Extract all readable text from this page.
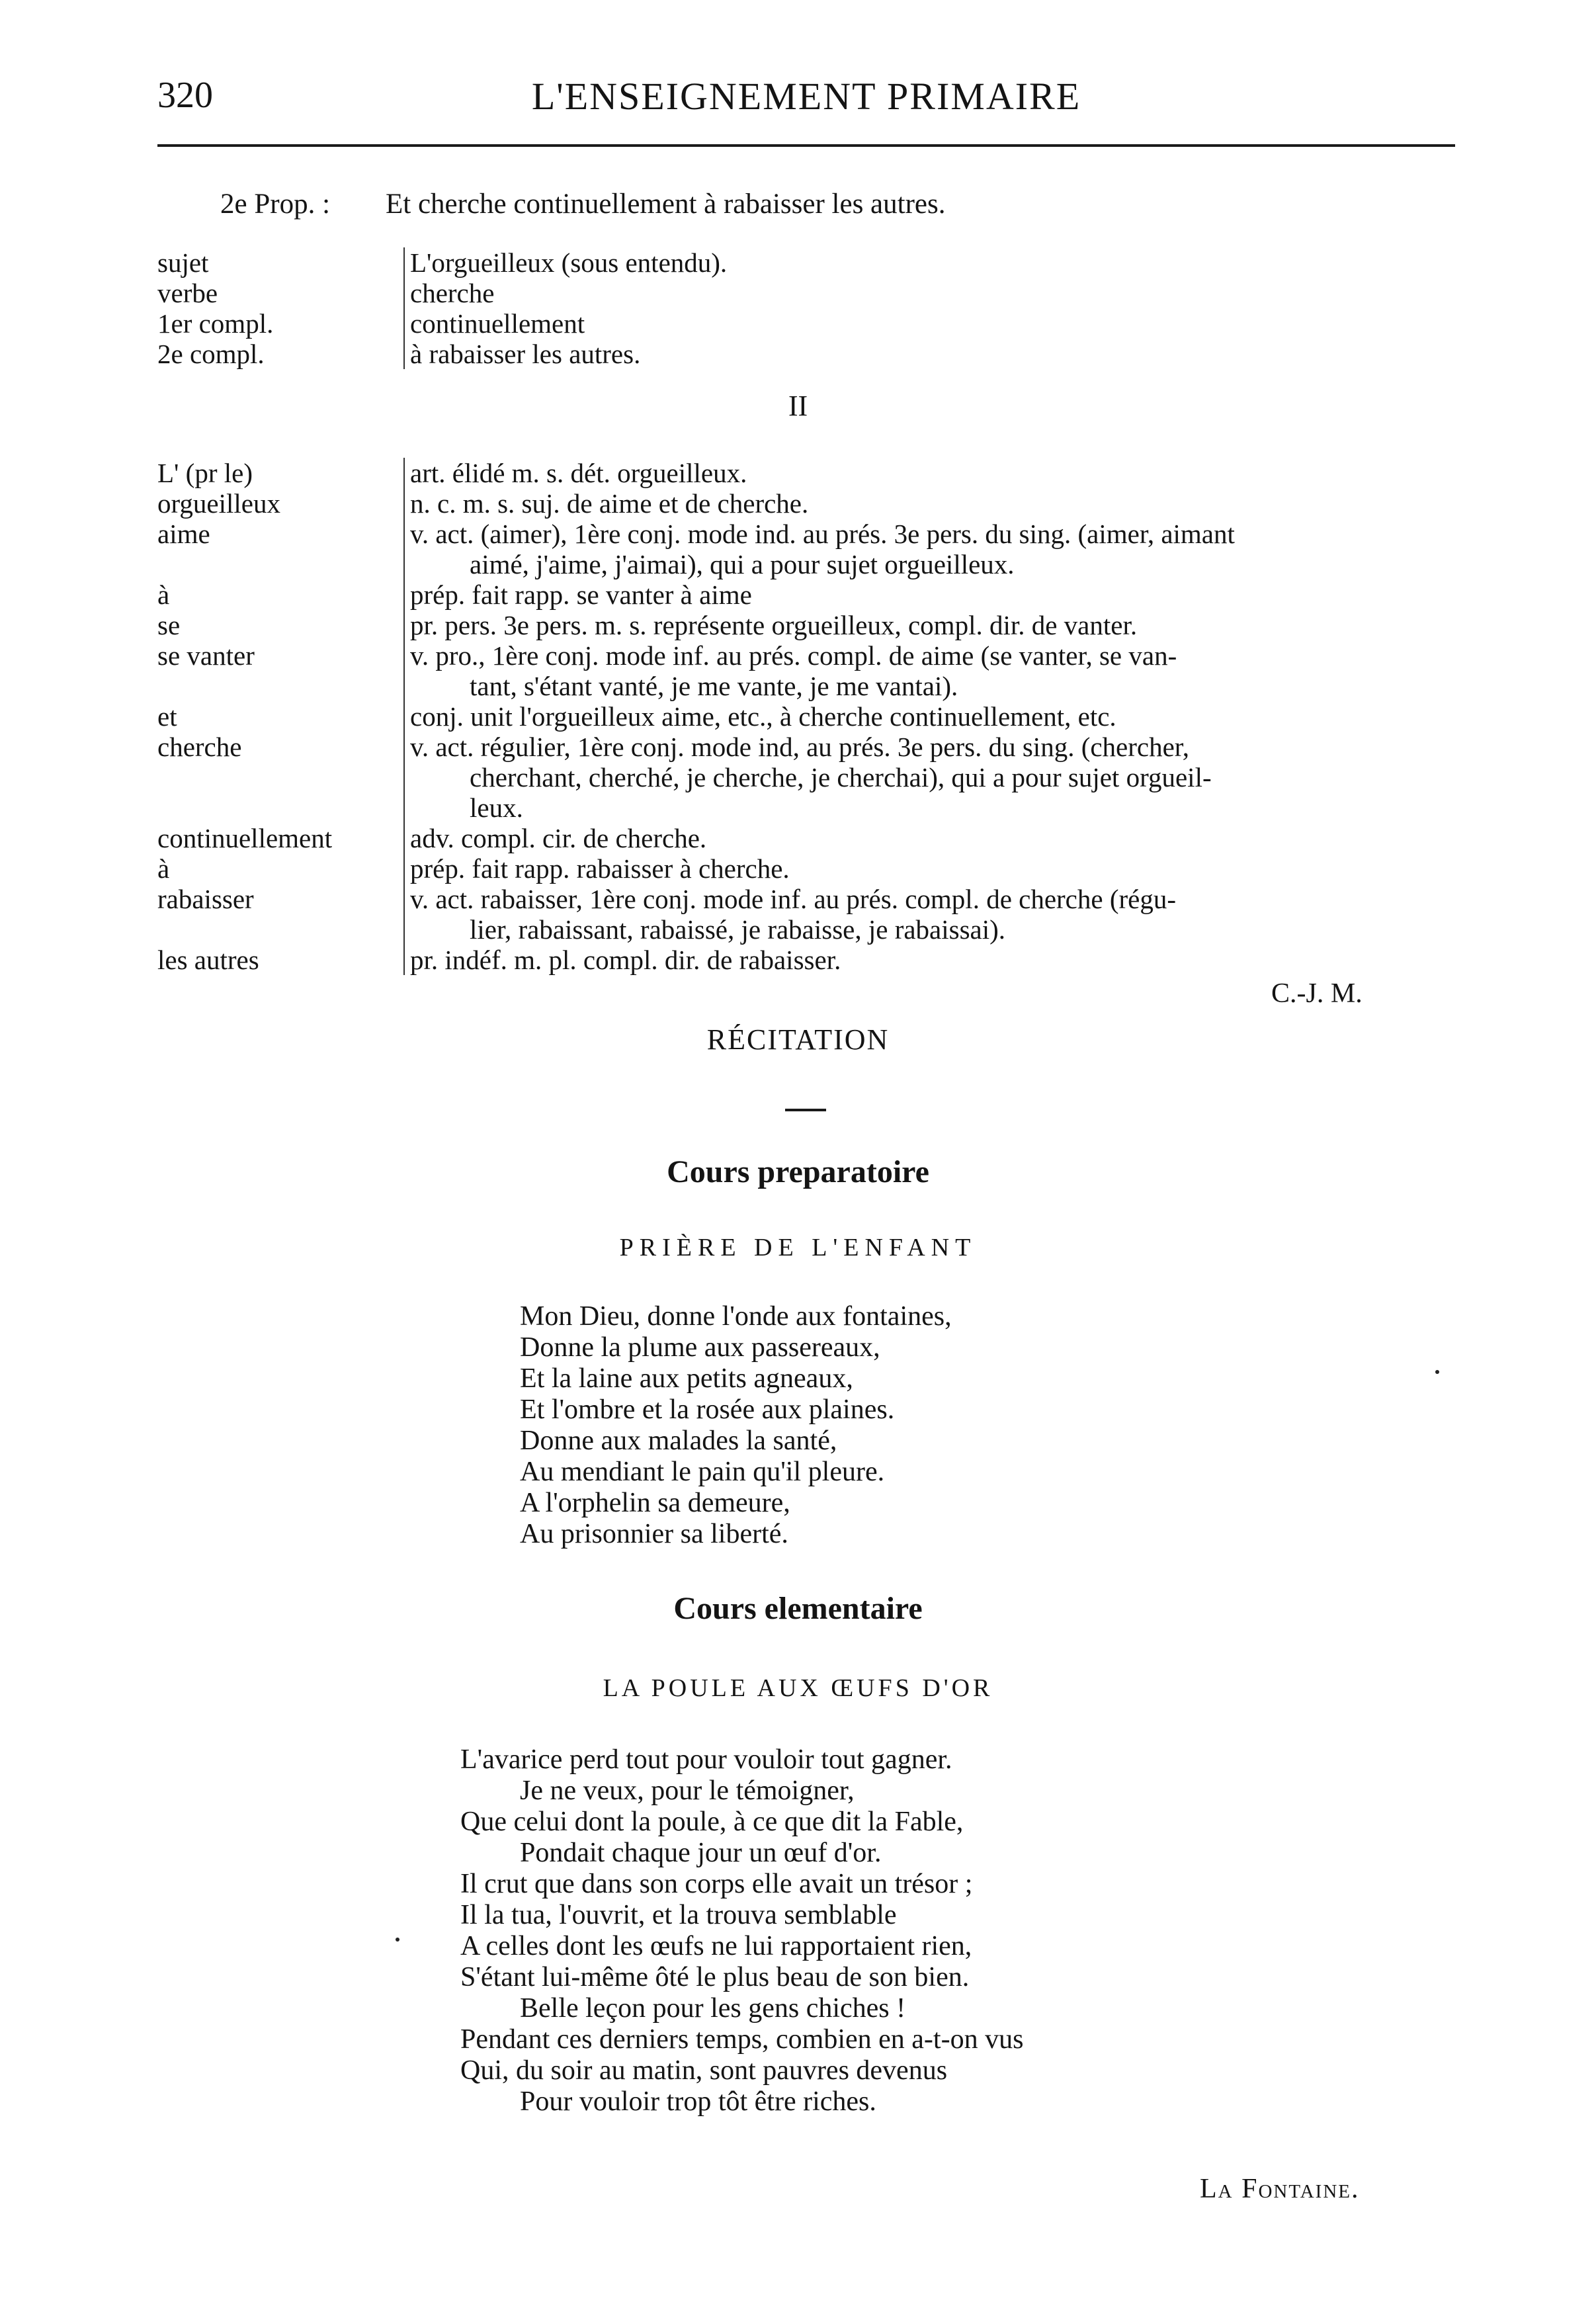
320	L'ENSEIGNEMENT PRIMAIRE
2e Prop. : Et cherche continuellement à rabaisser les autres.
sujet	L'orgueilleux (sous entendu).
verbe	cherche
1er compl.	continuellement
2e compl.	à rabaisser les autres.
II
L' (pr le)	art. élidé m. s. dét. orgueilleux.
orgueilleux	n. c. m. s. suj. de aime et de cherche.
aime	v. act. (aimer), 1ère conj. mode ind. au prés. 3e pers. du sing. (aimer, aimant
aimé, j'aime, j'aimai), qui a pour sujet orgueilleux.
à	prép. fait rapp. se vanter à aime
se	pr. pers. 3e pers. m. s. représente orgueilleux, compl. dir. de vanter.
se vanter	v. pro., 1ère conj. mode inf. au prés. compl. de aime (se vanter, se van-
tant, s'étant vanté, je me vante, je me vantai).
et	conj. unit l'orgueilleux aime, etc., à cherche continuellement, etc.
cherche	v. act. régulier, 1ère conj. mode ind, au prés. 3e pers. du sing. (chercher,
cherchant, cherché, je cherche, je cherchai), qui a pour sujet orgueil-
leux.
continuellement	adv. compl. cir. de cherche.
à	prép. fait rapp. rabaisser à cherche.
rabaisser	v. act. rabaisser, 1ère conj. mode inf. au prés. compl. de cherche (régu-
lier, rabaissant, rabaissé, je rabaisse, je rabaissai).
les autres	pr. indéf. m. pl. compl. dir. de rabaisser.
C.-J. M.
RÉCITATION
Cours preparatoire
PRIÈRE DE L'ENFANT
Mon Dieu, donne l'onde aux fontaines,
Donne la plume aux passereaux,
Et la laine aux petits agneaux,
Et l'ombre et la rosée aux plaines.
Donne aux malades la santé,
Au mendiant le pain qu'il pleure.
A l'orphelin sa demeure,
Au prisonnier sa liberté.
Cours elementaire
LA POULE AUX ŒUFS D'OR
L'avarice perd tout pour vouloir tout gagner.
Je ne veux, pour le témoigner,
Que celui dont la poule, à ce que dit la Fable,
Pondait chaque jour un œuf d'or.
Il crut que dans son corps elle avait un trésor ;
Il la tua, l'ouvrit, et la trouva semblable
A celles dont les œufs ne lui rapportaient rien,
S'étant lui-même ôté le plus beau de son bien.
Belle leçon pour les gens chiches !
Pendant ces derniers temps, combien en a-t-on vus
Qui, du soir au matin, sont pauvres devenus
Pour vouloir trop tôt être riches.
La Fontaine.
